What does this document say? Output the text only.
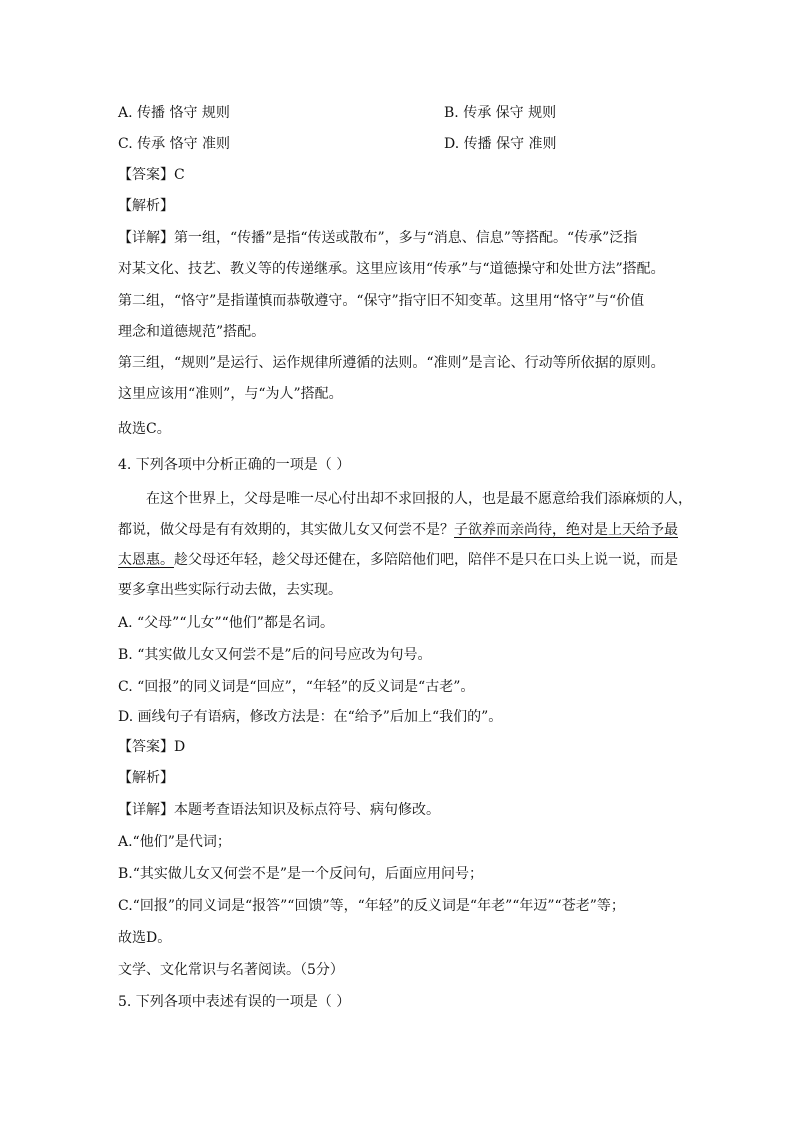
A. 传播 恪守 规则	B. 传承 保守 规则
C. 传承 恪守 准则	D. 传播 保守 准则
【答案】C
【解析】
【详解】第一组，“传播”是指“传送或散布”，多与“消息、信息”等搭配。“传承”泛指
对某文化、技艺、教义等的传递继承。这里应该用“传承”与“道德操守和处世方法”搭配。
第二组，“恪守”是指谨慎而恭敬遵守。“保守”指守旧不知变革。这里用“恪守”与“价值
理念和道德规范”搭配。
第三组，“规则”是运行、运作规律所遵循的法则。“准则”是言论、行动等所依据的原则。
这里应该用“准则”，与“为人”搭配。
故选C。
4. 下列各项中分析正确的一项是（ ）
在这个世界上，父母是唯一尽心付出却不求回报的人，也是最不愿意给我们添麻烦的人，
都说，做父母是有有效期的，其实做儿女又何尝不是？子欲养而亲尚待，绝对是上天给予最
太恩惠。趁父母还年轻，趁父母还健在，多陪陪他们吧，陪伴不是只在口头上说一说，而是
要多拿出些实际行动去做，去实现。
A. “父母”“儿女”“他们”都是名词。
B. “其实做儿女又何尝不是”后的问号应改为句号。
C. “回报”的同义词是“回应”，“年轻”的反义词是“古老”。
D. 画线句子有语病，修改方法是：在“给予”后加上“我们的”。
【答案】D
【解析】
【详解】本题考查语法知识及标点符号、病句修改。
A.“他们”是代词；
B.“其实做儿女又何尝不是”是一个反问句，后面应用问号；
C.“回报”的同义词是“报答”“回馈”等，“年轻”的反义词是“年老”“年迈”“苍老”等；
故选D。
文学、文化常识与名著阅读。（5分）
5. 下列各项中表述有误的一项是（ ）
